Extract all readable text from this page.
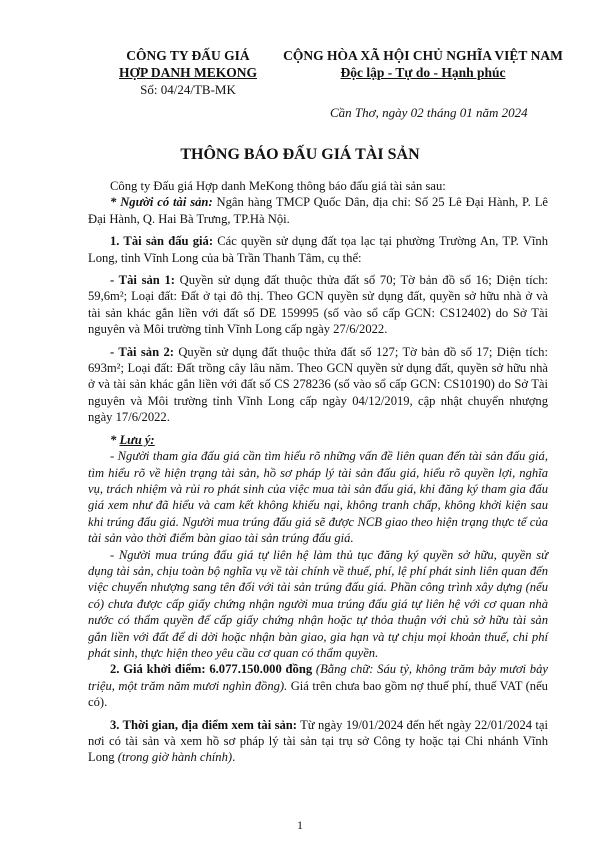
CÔNG TY ĐẤU GIÁ
HỢP DANH MEKONG
Số: 04/24/TB-MK
CỘNG HÒA XÃ HỘI CHỦ NGHĨA VIỆT NAM
Độc lập - Tự do - Hạnh phúc
Cần Thơ, ngày 02 tháng 01 năm 2024
THÔNG BÁO ĐẤU GIÁ TÀI SẢN

Công ty Đấu giá Hợp danh MeKong thông báo đấu giá tài sản sau:

* Người có tài sản: Ngân hàng TMCP Quốc Dân, địa chỉ: Số 25 Lê Đại Hành, P. Lê Đại Hành, Q. Hai Bà Trưng, TP.Hà Nội.

1. Tài sản đấu giá: Các quyền sử dụng đất tọa lạc tại phường Trường An, TP. Vĩnh Long, tỉnh Vĩnh Long của bà Trần Thanh Tâm, cụ thể:

- Tài sản 1: Quyền sử dụng đất thuộc thửa đất số 70; Tờ bản đồ số 16; Diện tích: 59,6m²; Loại đất: Đất ở tại đô thị. Theo GCN quyền sử dụng đất, quyền sở hữu nhà ở và tài sản khác gắn liền với đất số DE 159995 (số vào sổ cấp GCN: CS12402) do Sở Tài nguyên và Môi trường tỉnh Vĩnh Long cấp ngày 27/6/2022.

- Tài sản 2: Quyền sử dụng đất thuộc thửa đất số 127; Tờ bản đồ số 17; Diện tích: 693m²; Loại đất: Đất trồng cây lâu năm. Theo GCN quyền sử dụng đất, quyền sở hữu nhà ở và tài sản khác gắn liền với đất số CS 278236 (số vào sổ cấp GCN: CS10190) do Sở Tài nguyên và Môi trường tỉnh Vĩnh Long cấp ngày 04/12/2019, cập nhật chuyển nhượng ngày 17/6/2022.

* Lưu ý:

- Người tham gia đấu giá cần tìm hiểu rõ những vấn đề liên quan đến tài sản đấu giá, tìm hiểu rõ về hiện trạng tài sản, hồ sơ pháp lý tài sản đấu giá, hiểu rõ quyền lợi, nghĩa vụ, trách nhiệm và rủi ro phát sinh của việc mua tài sản đấu giá, khi đăng ký tham gia đấu giá xem như đã hiểu và cam kết không khiếu nại, không tranh chấp, không khởi kiện sau khi trúng đấu giá. Người mua trúng đấu giá sẽ được NCB giao theo hiện trạng thực tế của tài sản vào thời điểm bàn giao tài sản trúng đấu giá.

- Người mua trúng đấu giá tự liên hệ làm thủ tục đăng ký quyền sở hữu, quyền sử dụng tài sản, chịu toàn bộ nghĩa vụ về tài chính về thuế, phí, lệ phí phát sinh liên quan đến việc chuyển nhượng sang tên đối với tài sản trúng đấu giá. Phần công trình xây dựng (nếu có) chưa được cấp giấy chứng nhận người mua trúng đấu giá tự liên hệ với cơ quan nhà nước có thẩm quyền để cấp giấy chứng nhận hoặc tự thỏa thuận với chủ sở hữu tài sản gắn liền với đất để di dời hoặc nhận bàn giao, gia hạn và tự chịu mọi khoản thuế, chi phí phát sinh, thực hiện theo yêu cầu cơ quan có thẩm quyền.

2. Giá khởi điểm: 6.077.150.000 đồng (Bằng chữ: Sáu tỷ, không trăm bảy mươi bảy triệu, một trăm năm mươi nghìn đồng). Giá trên chưa bao gồm nợ thuế phí, thuế VAT (nếu có).

3. Thời gian, địa điểm xem tài sản: Từ ngày 19/01/2024 đến hết ngày 22/01/2024 tại nơi có tài sản và xem hồ sơ pháp lý tài sản tại trụ sở Công ty hoặc tại Chi nhánh Vĩnh Long (trong giờ hành chính).

1
